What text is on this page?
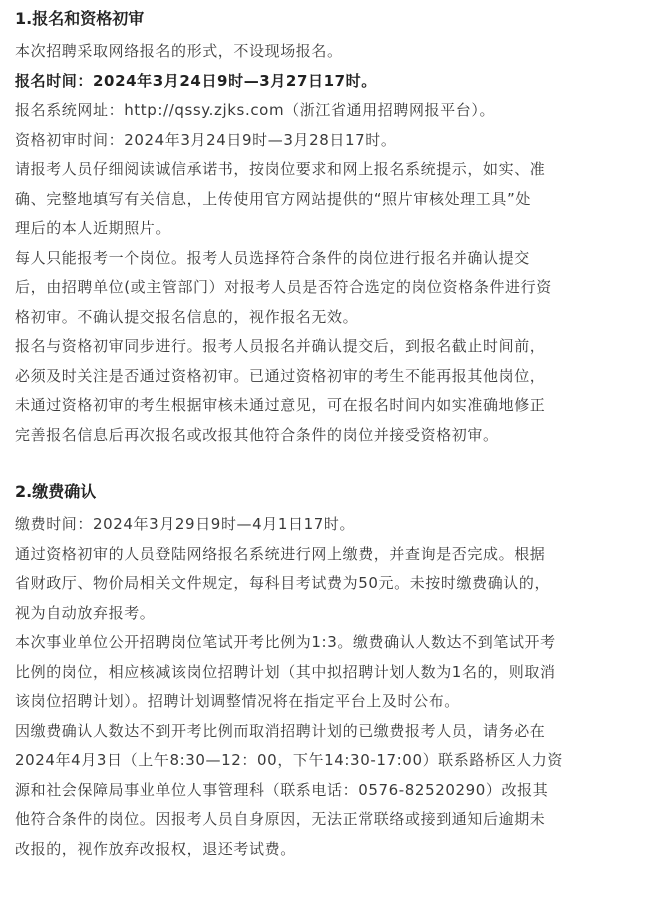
1.报名和资格初审
本次招聘采取网络报名的形式，不设现场报名。
报名时间：2024年3月24日9时—3月27日17时。
报名系统网址：http://qssy.zjks.com（浙江省通用招聘网报平台）。
资格初审时间：2024年3月24日9时—3月28日17时。
请报考人员仔细阅读诚信承诺书，按岗位要求和网上报名系统提示，如实、准
确、完整地填写有关信息，上传使用官方网站提供的“照片审核处理工具”处
理后的本人近期照片。
每人只能报考一个岗位。报考人员选择符合条件的岗位进行报名并确认提交
后，由招聘单位(或主管部门）对报考人员是否符合选定的岗位资格条件进行资
格初审。不确认提交报名信息的，视作报名无效。
报名与资格初审同步进行。报考人员报名并确认提交后，到报名截止时间前，
必须及时关注是否通过资格初审。已通过资格初审的考生不能再报其他岗位，
未通过资格初审的考生根据审核未通过意见，可在报名时间内如实准确地修正
完善报名信息后再次报名或改报其他符合条件的岗位并接受资格初审。
2.缴费确认
缴费时间：2024年3月29日9时—4月1日17时。
通过资格初审的人员登陆网络报名系统进行网上缴费，并查询是否完成。根据
省财政厅、物价局相关文件规定，每科目考试费为50元。未按时缴费确认的，
视为自动放弃报考。
本次事业单位公开招聘岗位笔试开考比例为1:3。缴费确认人数达不到笔试开考
比例的岗位，相应核减该岗位招聘计划（其中拟招聘计划人数为1名的，则取消
该岗位招聘计划）。招聘计划调整情况将在指定平台上及时公布。
因缴费确认人数达不到开考比例而取消招聘计划的已缴费报考人员，请务必在
2024年4月3日（上午8:30—12：00，下午14:30-17:00）联系路桥区人力资
源和社会保障局事业单位人事管理科（联系电话：0576-82520290）改报其
他符合条件的岗位。因报考人员自身原因，无法正常联络或接到通知后逾期未
改报的，视作放弃改报权，退还考试费。
